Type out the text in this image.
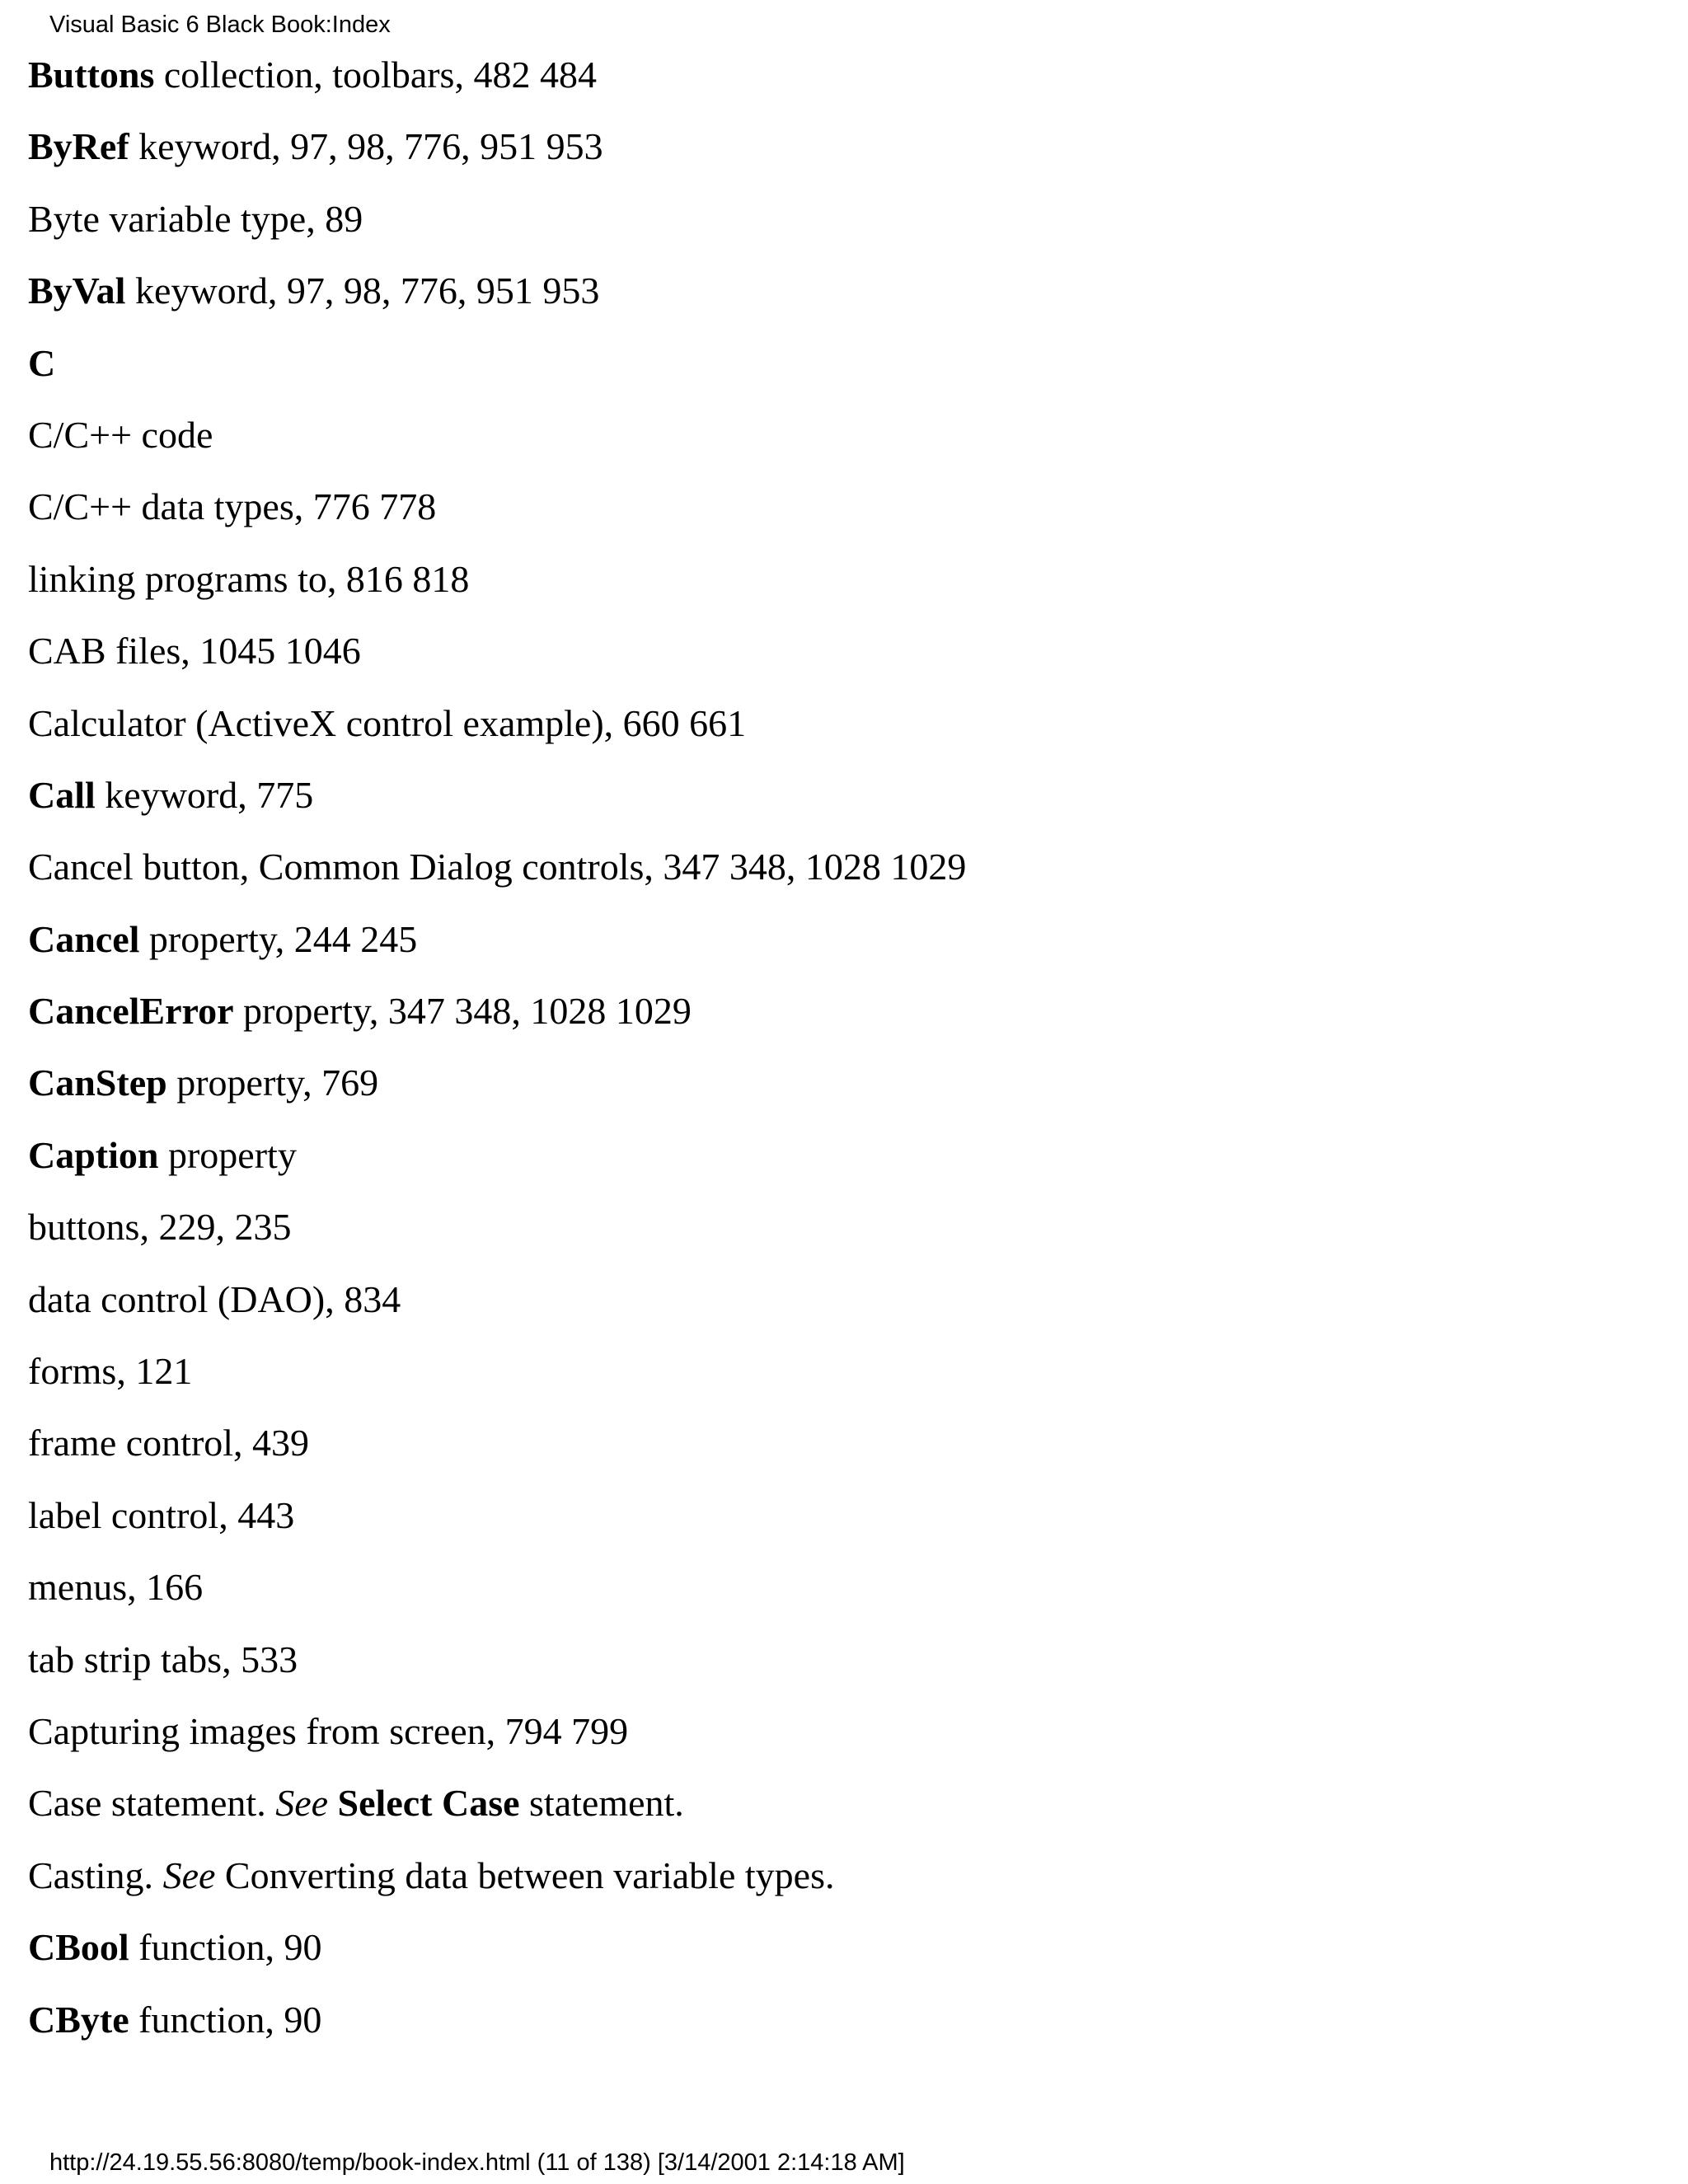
Visual Basic 6 Black Book:Index
Buttons collection, toolbars, 482 484
ByRef keyword, 97, 98, 776, 951 953
Byte variable type, 89
ByVal keyword, 97, 98, 776, 951 953
C
C/C++ code
C/C++ data types, 776 778
linking programs to, 816 818
CAB files, 1045 1046
Calculator (ActiveX control example), 660 661
Call keyword, 775
Cancel button, Common Dialog controls, 347 348, 1028 1029
Cancel property, 244 245
CancelError property, 347 348, 1028 1029
CanStep property, 769
Caption property
buttons, 229, 235
data control (DAO), 834
forms, 121
frame control, 439
label control, 443
menus, 166
tab strip tabs, 533
Capturing images from screen, 794 799
Case statement. See Select Case statement.
Casting. See Converting data between variable types.
CBool function, 90
CByte function, 90
http://24.19.55.56:8080/temp/book-index.html (11 of 138) [3/14/2001 2:14:18 AM]
